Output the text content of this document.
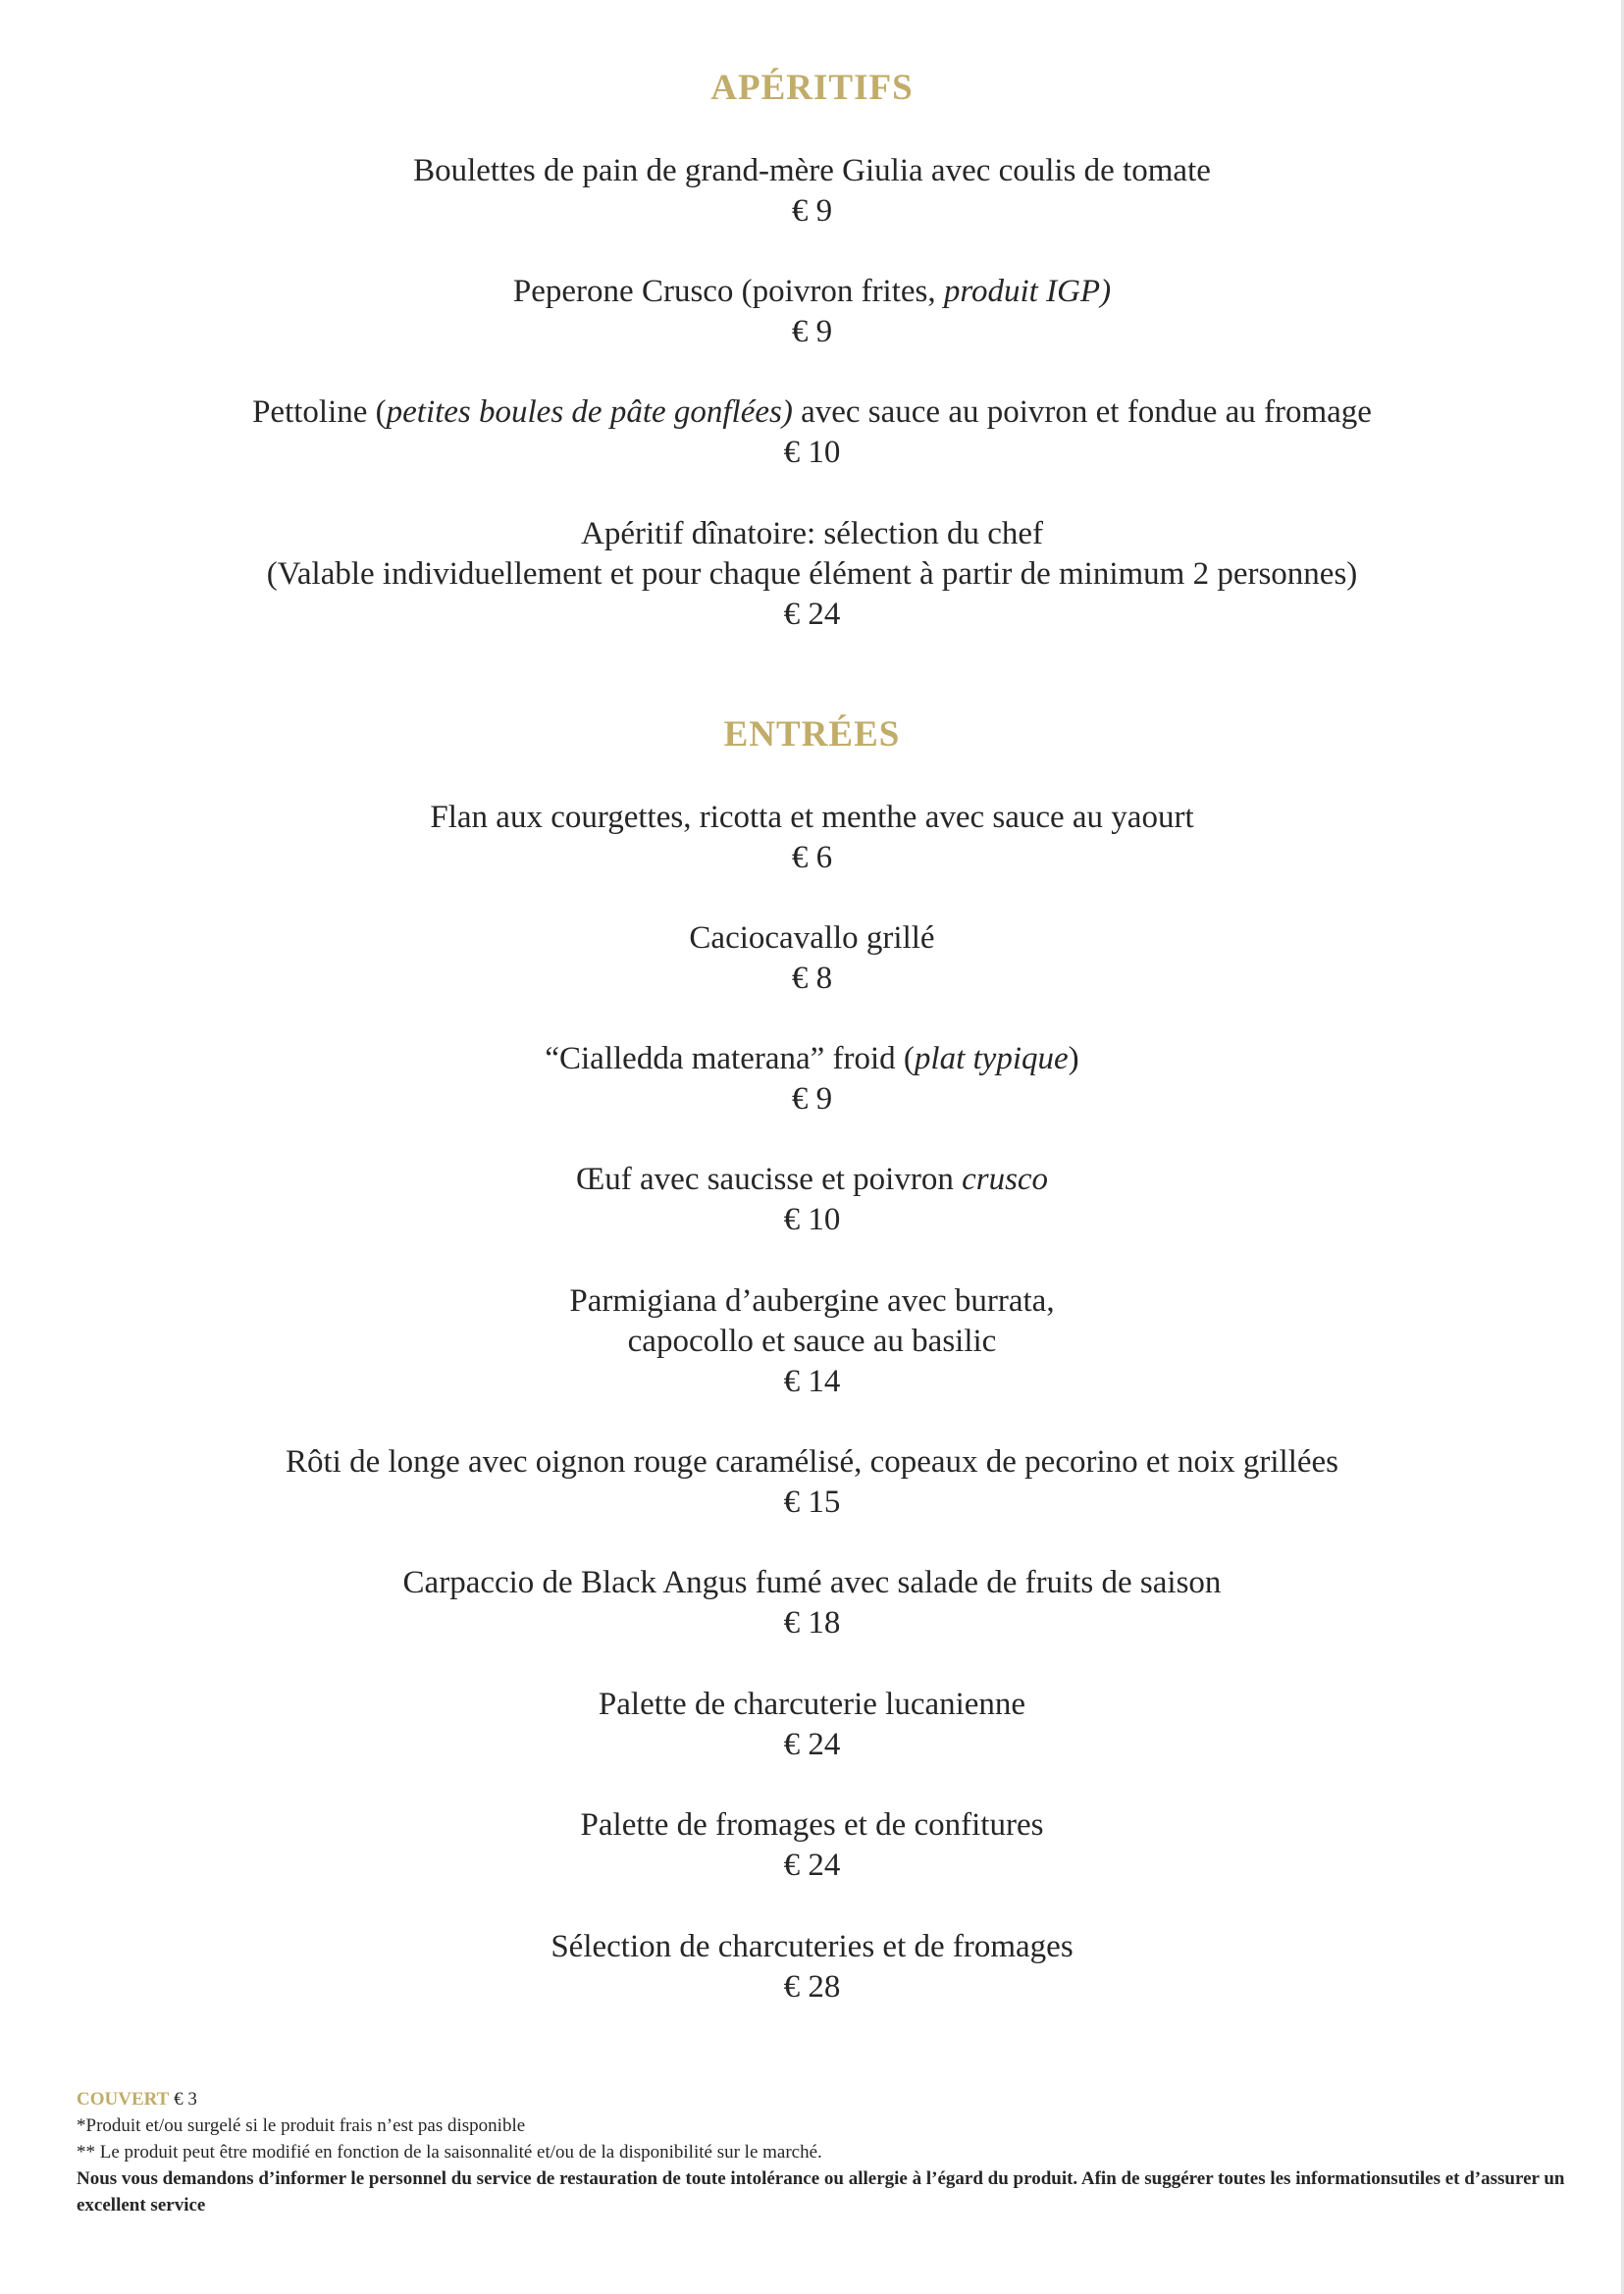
APÉRITIFS
Boulettes de pain de grand-mère Giulia avec coulis de tomate
€ 9
Peperone Crusco (poivron frites, produit IGP)
€ 9
Pettoline (petites boules de pâte gonflées) avec sauce au poivron et fondue au fromage
€ 10
Apéritif dînatoire: sélection du chef
(Valable individuellement et pour chaque élément à partir de minimum 2 personnes)
€ 24
ENTRÉES
Flan aux courgettes, ricotta et menthe avec sauce au yaourt
€ 6
Caciocavallo grillé
€ 8
“Cialledda materana” froid (plat typique)
€ 9
Œuf avec saucisse et poivron crusco
€ 10
Parmigiana d’aubergine avec burrata,
capocollo et sauce au basilic
€ 14
Rôti de longe avec oignon rouge caramélisé, copeaux de pecorino et noix grillées
€ 15
Carpaccio de Black Angus fumé avec salade de fruits de saison
€ 18
Palette de charcuterie lucanienne
€ 24
Palette de fromages et de confitures
€ 24
Sélection de charcuteries et de fromages
€ 28
COUVERT € 3
*Produit et/ou surgelé si le produit frais n’est pas disponible
** Le produit peut être modifié en fonction de la saisonnalité et/ou de la disponibilité sur le marché.
Nous vous demandons d’informer le personnel du service de restauration de toute intolérance ou allergie à l’égard du produit. Afin de suggérer toutes les informationsutiles et d’assurer un excellent service
